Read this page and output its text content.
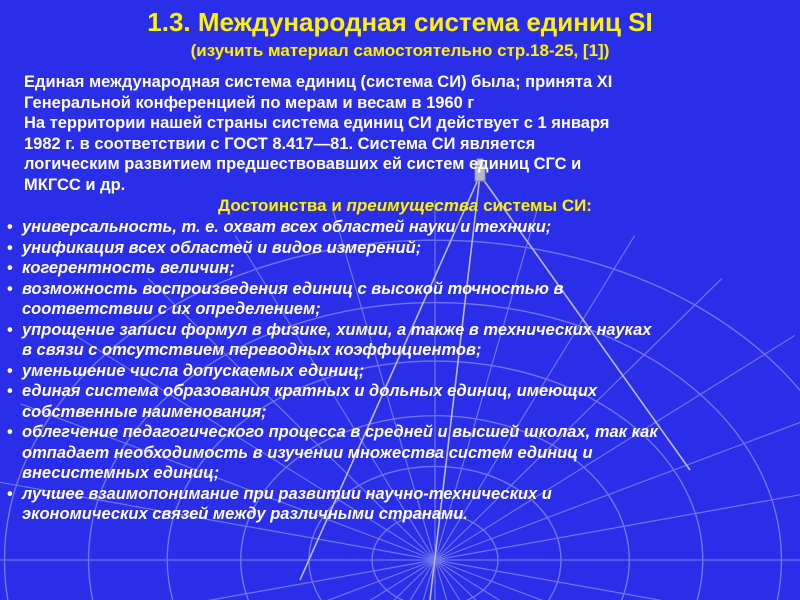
1.3. Международная система единиц SI
(изучить материал самостоятельно стр.18-25, [1])
Единая международная система единиц (система СИ) была; принята XI
Генеральной конференцией по мерам и весам в 1960 г
На территории нашей страны система единиц СИ действует с 1 января
1982 г. в соответствии с ГОСТ 8.417—81. Система СИ является
логическим развитием предшествовавших ей систем единиц СГС и
МКГСС и др.
Достоинства и преимущества системы СИ:
• универсальность, т. е. охват всех областей науки и техники;
• унификация всех областей и видов измерений;
• когерентность величин;
• возможность воспроизведения единиц с высокой точностью в
соответствии с их определением;
• упрощение записи формул в физике, химии, а также в технических науках
в связи с отсутствием переводных коэффициентов;
• уменьшение числа допускаемых единиц;
• единая система образования кратных и дольных единиц, имеющих
собственные наименования;
• облегчение педагогического процесса в средней и высшей школах, так как
отпадает необходимость в изучении множества систем единиц и
внесистемных единиц;
• лучшее взаимопонимание при развитии научно-технических и
экономических связей между различными странами.
